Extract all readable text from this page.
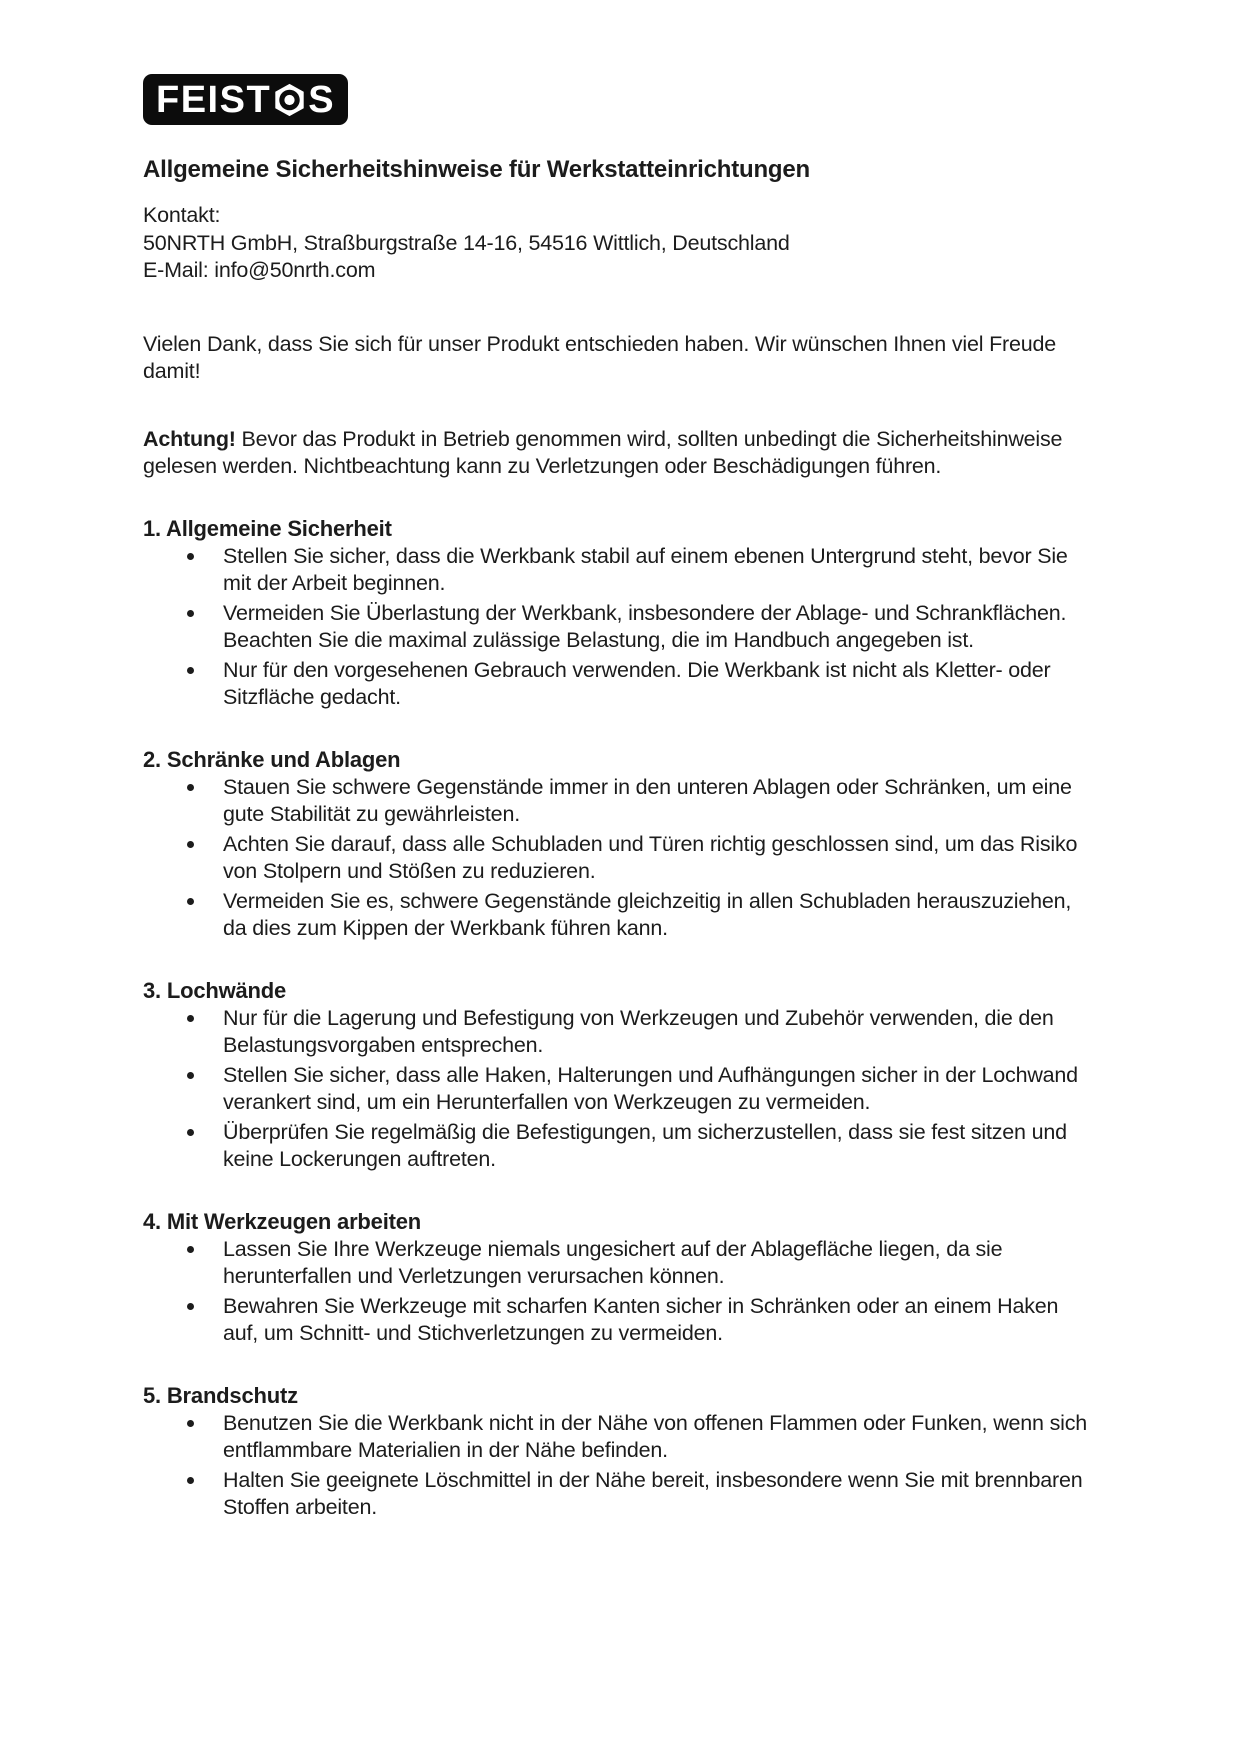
FEIST S
Allgemeine Sicherheitshinweise für Werkstatteinrichtungen
Kontakt:
50NRTH GmbH, Straßburgstraße 14-16, 54516 Wittlich, Deutschland
E-Mail: info@50nrth.com

Vielen Dank, dass Sie sich für unser Produkt entschieden haben. Wir wünschen Ihnen viel Freude damit!

Achtung! Bevor das Produkt in Betrieb genommen wird, sollten unbedingt die Sicherheitshinweise gelesen werden. Nichtbeachtung kann zu Verletzungen oder Beschädigungen führen.

1. Allgemeine Sicherheit
Stellen Sie sicher, dass die Werkbank stabil auf einem ebenen Untergrund steht, bevor Sie mit der Arbeit beginnen.
Vermeiden Sie Überlastung der Werkbank, insbesondere der Ablage- und Schrankflächen. Beachten Sie die maximal zulässige Belastung, die im Handbuch angegeben ist.
Nur für den vorgesehenen Gebrauch verwenden. Die Werkbank ist nicht als Kletter- oder Sitzfläche gedacht.
2. Schränke und Ablagen
Stauen Sie schwere Gegenstände immer in den unteren Ablagen oder Schränken, um eine gute Stabilität zu gewährleisten.
Achten Sie darauf, dass alle Schubladen und Türen richtig geschlossen sind, um das Risiko von Stolpern und Stößen zu reduzieren.
Vermeiden Sie es, schwere Gegenstände gleichzeitig in allen Schubladen herauszuziehen, da dies zum Kippen der Werkbank führen kann.
3. Lochwände
Nur für die Lagerung und Befestigung von Werkzeugen und Zubehör verwenden, die den Belastungsvorgaben entsprechen.
Stellen Sie sicher, dass alle Haken, Halterungen und Aufhängungen sicher in der Lochwand verankert sind, um ein Herunterfallen von Werkzeugen zu vermeiden.
Überprüfen Sie regelmäßig die Befestigungen, um sicherzustellen, dass sie fest sitzen und keine Lockerungen auftreten.
4. Mit Werkzeugen arbeiten
Lassen Sie Ihre Werkzeuge niemals ungesichert auf der Ablagefläche liegen, da sie herunterfallen und Verletzungen verursachen können.
Bewahren Sie Werkzeuge mit scharfen Kanten sicher in Schränken oder an einem Haken auf, um Schnitt- und Stichverletzungen zu vermeiden.
5. Brandschutz
Benutzen Sie die Werkbank nicht in der Nähe von offenen Flammen oder Funken, wenn sich entflammbare Materialien in der Nähe befinden.
Halten Sie geeignete Löschmittel in der Nähe bereit, insbesondere wenn Sie mit brennbaren Stoffen arbeiten.
